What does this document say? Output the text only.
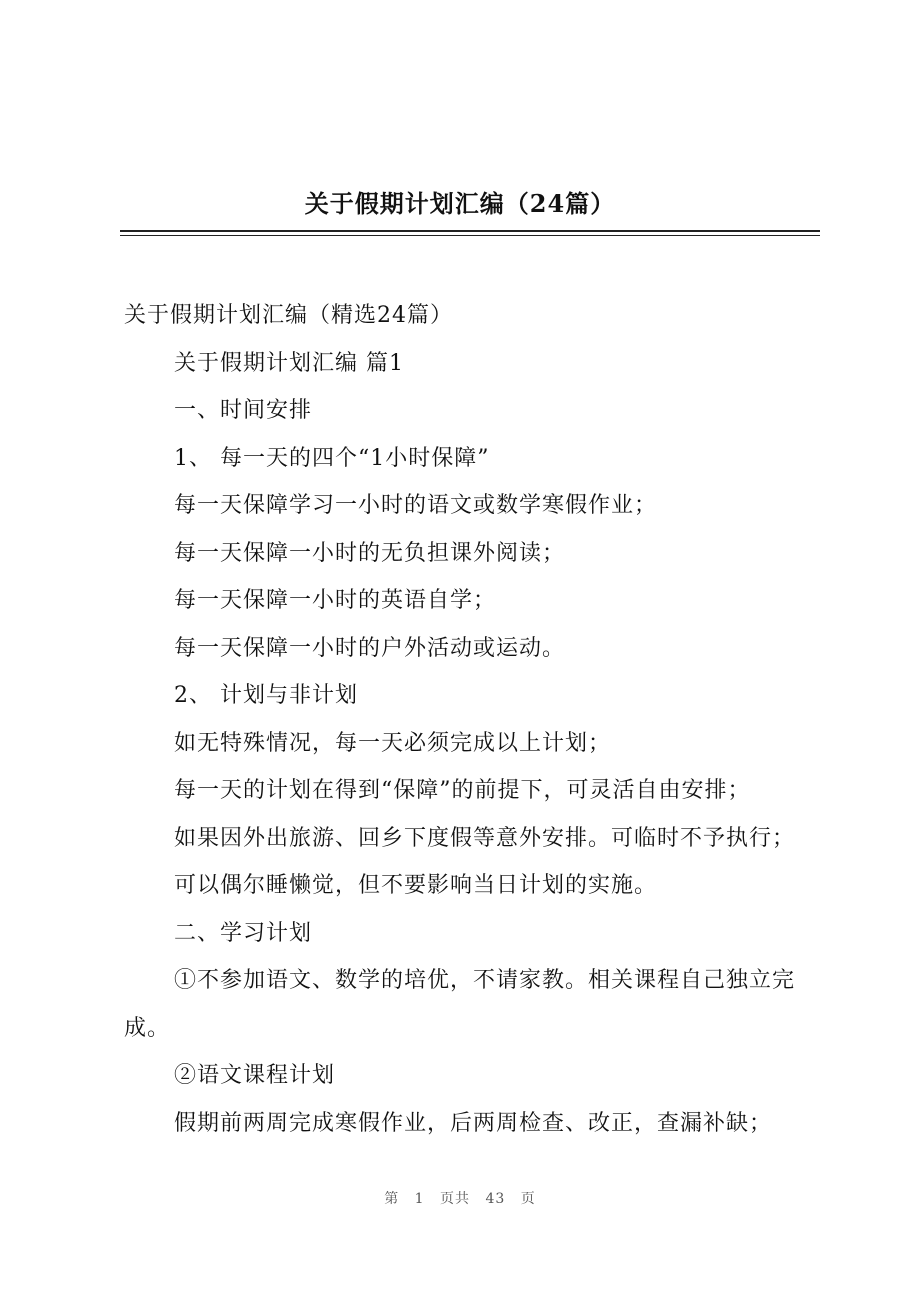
关于假期计划汇编（24篇）

关于假期计划汇编（精选24篇）

关于假期计划汇编 篇1

一、时间安排

1、 每一天的四个“1小时保障”

每一天保障学习一小时的语文或数学寒假作业；

每一天保障一小时的无负担课外阅读；

每一天保障一小时的英语自学；

每一天保障一小时的户外活动或运动。

2、 计划与非计划

如无特殊情况，每一天必须完成以上计划；

每一天的计划在得到“保障”的前提下，可灵活自由安排；

如果因外出旅游、回乡下度假等意外安排。可临时不予执行；

可以偶尔睡懒觉，但不要影响当日计划的实施。

二、学习计划

①不参加语文、数学的培优，不请家教。相关课程自己独立完成。

②语文课程计划

假期前两周完成寒假作业，后两周检查、改正，查漏补缺；

第 1 页共 43 页
